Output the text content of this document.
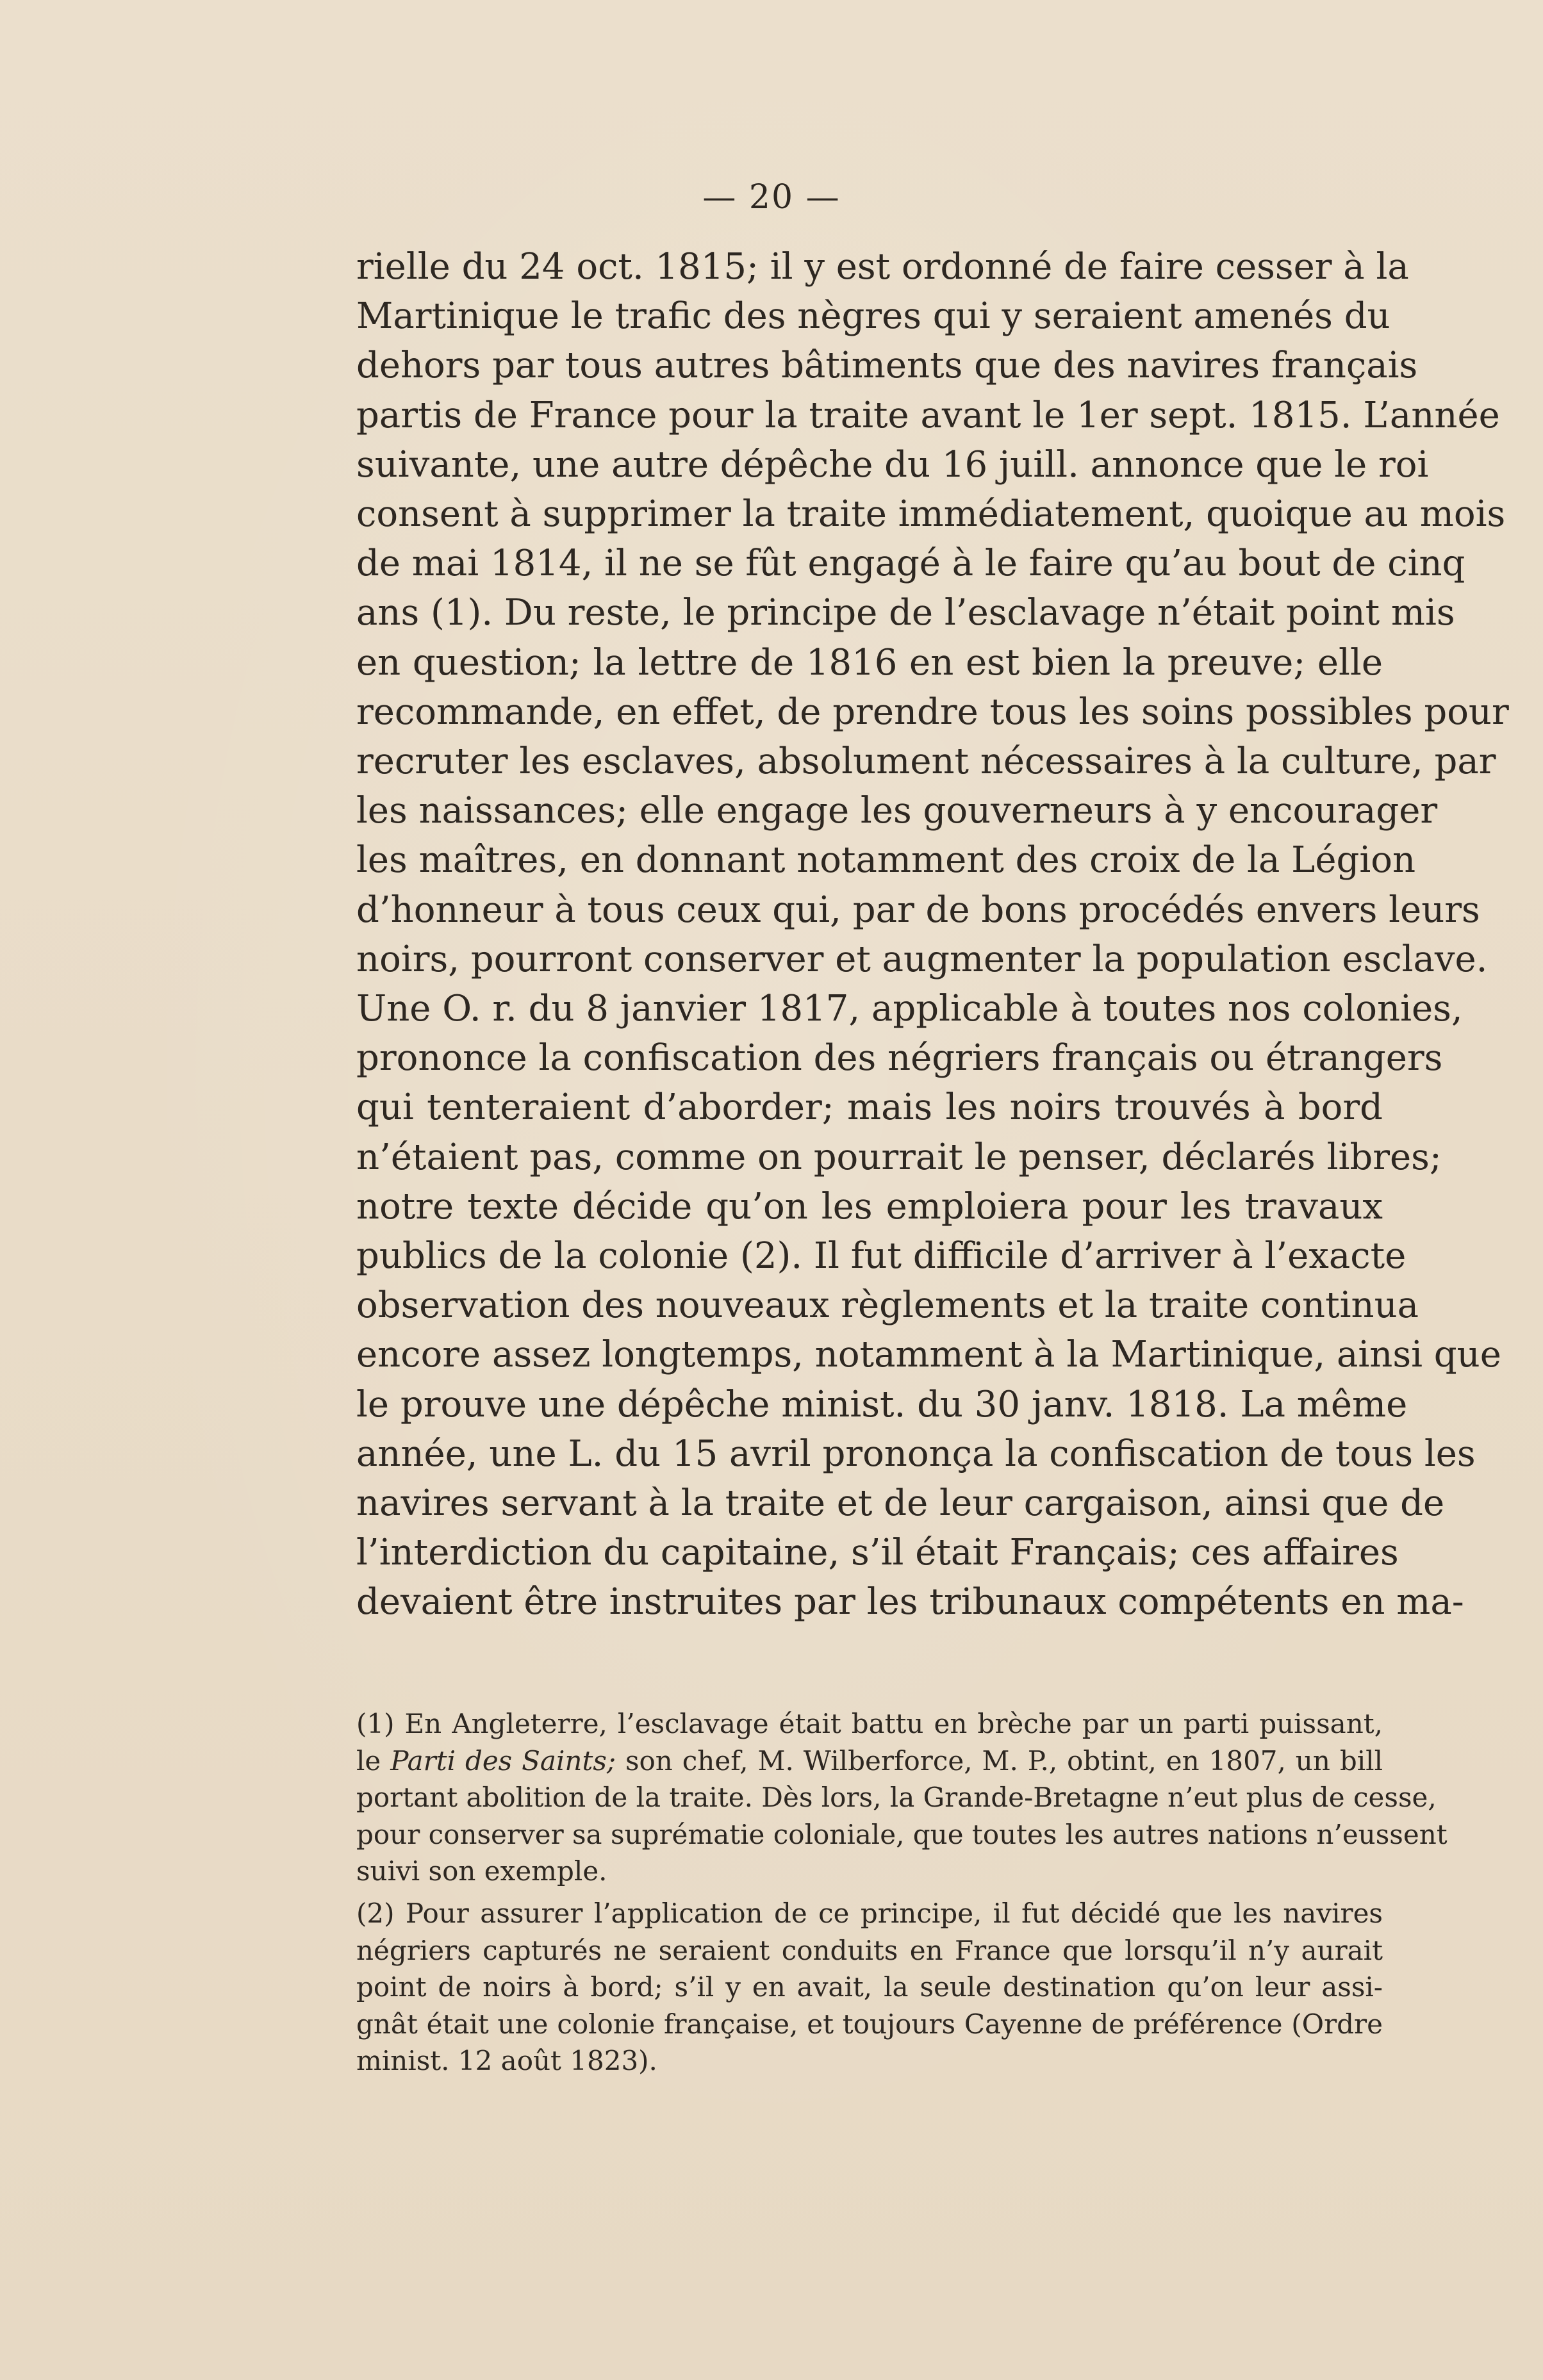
— 20 —
rielle du 24 oct. 1815; il y est ordonné de faire cesser à la
Martinique le trafic des nègres qui y seraient amenés du
dehors par tous autres bâtiments que des navires français
partis de France pour la traite avant le 1er sept. 1815. L’année
suivante, une autre dépêche du 16 juill. annonce que le roi
consent à supprimer la traite immédiatement, quoique au mois
de mai 1814, il ne se fût engagé à le faire qu’au bout de cinq
ans (1). Du reste, le principe de l’esclavage n’était point mis
en question; la lettre de 1816 en est bien la preuve; elle
recommande, en effet, de prendre tous les soins possibles pour
recruter les esclaves, absolument nécessaires à la culture, par
les naissances; elle engage les gouverneurs à y encourager
les maîtres, en donnant notamment des croix de la Légion
d’honneur à tous ceux qui, par de bons procédés envers leurs
noirs, pourront conserver et augmenter la population esclave.
Une O. r. du 8 janvier 1817, applicable à toutes nos colonies,
prononce la confiscation des négriers français ou étrangers
qui tenteraient d’aborder; mais les noirs trouvés à bord
n’étaient pas, comme on pourrait le penser, déclarés libres;
notre texte décide qu’on les emploiera pour les travaux
publics de la colonie (2). Il fut difficile d’arriver à l’exacte
observation des nouveaux règlements et la traite continua
encore assez longtemps, notamment à la Martinique, ainsi que
le prouve une dépêche minist. du 30 janv. 1818. La même
année, une L. du 15 avril prononça la confiscation de tous les
navires servant à la traite et de leur cargaison, ainsi que de
l’interdiction du capitaine, s’il était Français; ces affaires
devaient être instruites par les tribunaux compétents en ma-
(1) En Angleterre, l’esclavage était battu en brèche par un parti puissant,
le Parti des Saints; son chef, M. Wilberforce, M. P., obtint, en 1807, un bill
portant abolition de la traite. Dès lors, la Grande-Bretagne n’eut plus de cesse,
pour conserver sa suprématie coloniale, que toutes les autres nations n’eussent
suivi son exemple.
(2) Pour assurer l’application de ce principe, il fut décidé que les navires
négriers capturés ne seraient conduits en France que lorsqu’il n’y aurait
point de noirs à bord; s’il y en avait, la seule destination qu’on leur assi-
gnât était une colonie française, et toujours Cayenne de préférence (Ordre
minist. 12 août 1823).
